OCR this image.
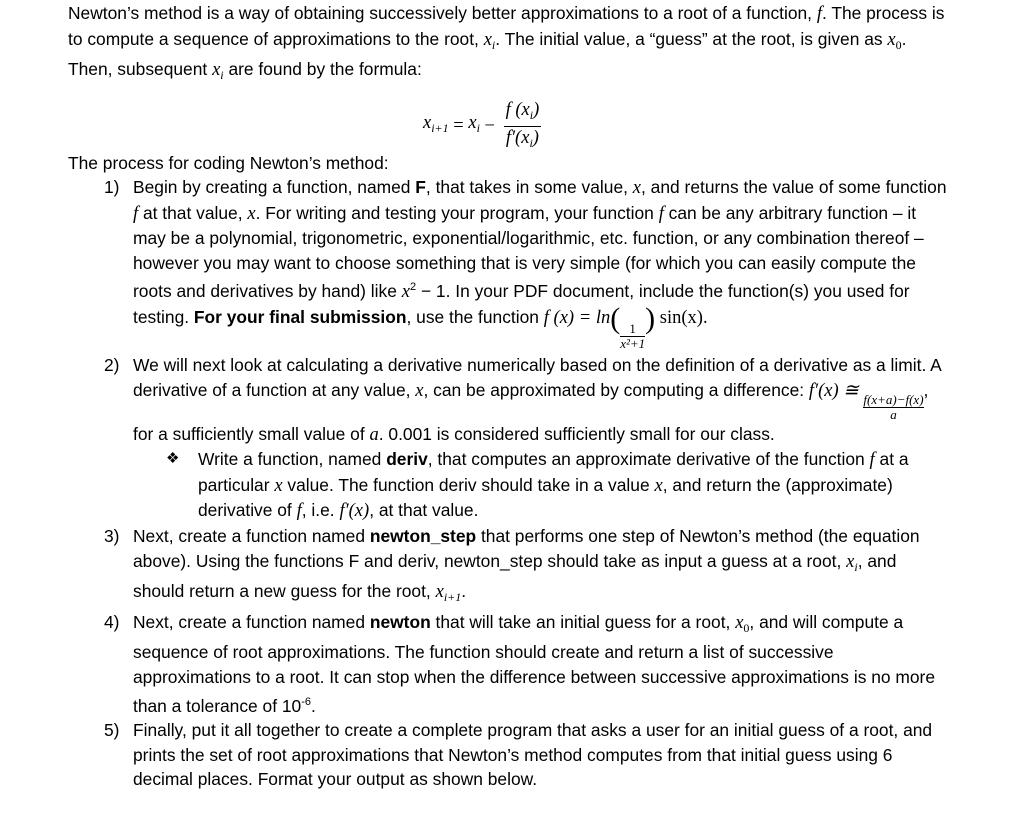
Newton’s method is a way of obtaining successively better approximations to a root of a function, f. The process is to compute a sequence of approximations to the root, $x_i$. The initial value, a “guess” at the root, is given as $x_0$. Then, subsequent $x_i$ are found by the formula:

$x_{i+1} = x_i - \frac{f (x_i)}{f'(x_i)}$

The process for coding Newton’s method:

1) Begin by creating a function, named F, that takes in some value, x, and returns the value of some function f at that value, x. For writing and testing your program, your function f can be any arbitrary function – it may be a polynomial, trigonometric, exponential/logarithmic, etc. function, or any combination thereof – however you may want to choose something that is very simple (for which you can easily compute the roots and derivatives by hand) like $x^2 - 1$. In your PDF document, include the function(s) you used for testing. For your final submission, use the function f (x) = ln(
$\frac{1}{\text{x²+1}}$
) sin(x).
2) We will next look at calculating a derivative numerically based on the definition of a derivative as a limit. A derivative of a function at any value, x, can be approximated by computing a difference: f′(x) ≅
$\frac{f(x+a)-f(x)}{a}$
, for a sufficiently small value of a. 0.001 is considered sufficiently small for our class.
❖ Write a function, named deriv, that computes an approximate derivative of the function f at a particular x value. The function deriv should take in a value x, and return the (approximate) derivative of f, i.e. f′(x), at that value.
3) Next, create a function named newton_step that performs one step of Newton’s method (the equation above). Using the functions F and deriv, newton_step should take as input a guess at a root, $x_i$, and should return a new guess for the root, $x_{i+1}$.
4) Next, create a function named newton that will take an initial guess for a root, $x_0$, and will compute a sequence of root approximations. The function should create and return a list of successive approximations to a root. It can stop when the difference between successive approximations is no more than a tolerance of $10^{-6}$.
5) Finally, put it all together to create a complete program that asks a user for an initial guess of a root, and prints the set of root approximations that Newton’s method computes from that initial guess using 6 decimal places. Format your output as shown below.
